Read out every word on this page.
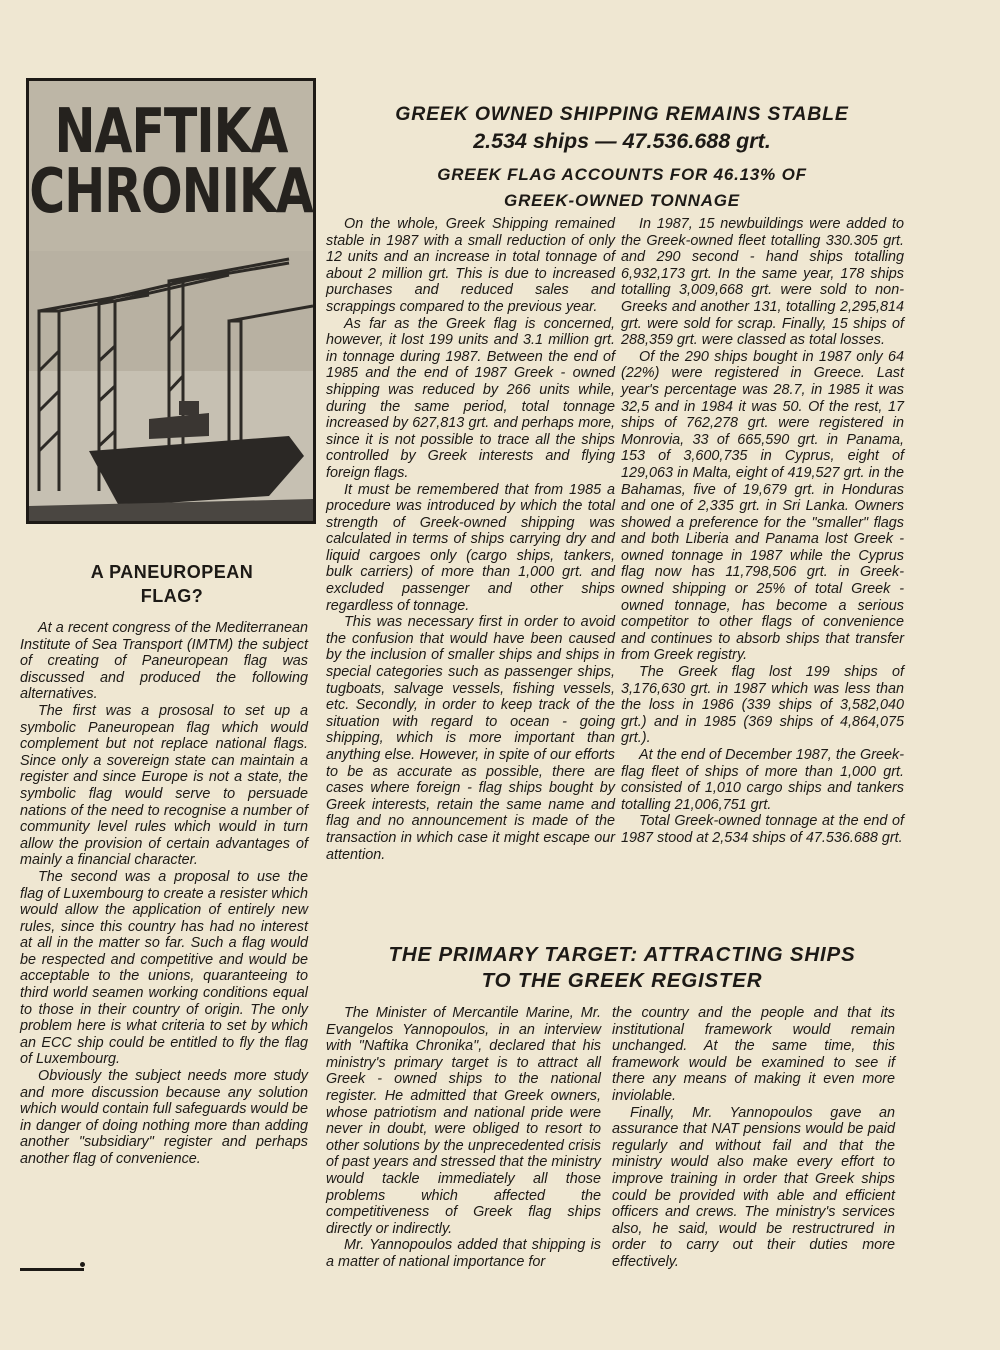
NAFTIKA
CHRONIKA
A PANEUROPEAN
FLAG?

At a recent congress of the Mediterranean Institute of Sea Transport (IMTM) the subject of creating of Paneuropean flag was discussed and produced the following alternatives.

The first was a prososal to set up a symbolic Paneuropean flag which would complement but not replace national flags. Since only a sovereign state can maintain a register and since Europe is not a state, the symbolic flag would serve to persuade nations of the need to recognise a number of community level rules which would in turn allow the provision of certain advantages of mainly a financial character.

The second was a proposal to use the flag of Luxembourg to create a resister which would allow the application of entirely new rules, since this country has had no interest at all in the matter so far. Such a flag would be respected and competitive and would be acceptable to the unions, quaranteeing to third world seamen working conditions equal to those in their country of origin. The only problem here is what criteria to set by which an ECC ship could be entitled to fly the flag of Luxembourg.

Obviously the subject needs more study and more discussion because any solution which would contain full safeguards would be in danger of doing nothing more than adding another "subsidiary" register and perhaps another flag of convenience.

GREEK OWNED SHIPPING REMAINS STABLE
2.534 ships — 47.536.688 grt.
GREEK FLAG ACCOUNTS FOR 46.13% OF
GREEK-OWNED TONNAGE

On the whole, Greek Shipping remained stable in 1987 with a small reduction of only 12 units and an increase in total tonnage of about 2 million grt. This is due to increased purchases and reduced sales and scrappings compared to the previous year.

As far as the Greek flag is concerned, however, it lost 199 units and 3.1 million grt. in tonnage during 1987. Between the end of 1985 and the end of 1987 Greek - owned shipping was reduced by 266 units while, during the same period, total tonnage increased by 627,813 grt. and perhaps more, since it is not possible to trace all the ships controlled by Greek interests and flying foreign flags.

It must be remembered that from 1985 a procedure was introduced by which the total strength of Greek-owned shipping was calculated in terms of ships carrying dry and liquid cargoes only (cargo ships, tankers, bulk carriers) of more than 1,000 grt. and excluded passenger and other ships regardless of tonnage.

This was necessary first in order to avoid the confusion that would have been caused by the inclusion of smaller ships and ships in special categories such as passenger ships, tugboats, salvage vessels, fishing vessels, etc. Secondly, in order to keep track of the situation with regard to ocean - going shipping, which is more important than anything else. However, in spite of our efforts to be as accurate as possible, there are cases where foreign - flag ships bought by Greek interests, retain the same name and flag and no announcement is made of the transaction in which case it might escape our attention.

In 1987, 15 newbuildings were added to the Greek-owned fleet totalling 330.305 grt. and 290 second - hand ships totalling 6,932,173 grt. In the same year, 178 ships totalling 3,009,668 grt. were sold to non-Greeks and another 131, totalling 2,295,814 grt. were sold for scrap. Finally, 15 ships of 288,359 grt. were classed as total losses.

Of the 290 ships bought in 1987 only 64 (22%) were registered in Greece. Last year's percentage was 28.7, in 1985 it was 32,5 and in 1984 it was 50. Of the rest, 17 ships of 762,278 grt. were registered in Monrovia, 33 of 665,590 grt. in Panama, 153 of 3,600,735 in Cyprus, eight of 129,063 in Malta, eight of 419,527 grt. in the Bahamas, five of 19,679 grt. in Honduras and one of 2,335 grt. in Sri Lanka. Owners showed a preference for the "smaller" flags and both Liberia and Panama lost Greek - owned tonnage in 1987 while the Cyprus flag now has 11,798,506 grt. in Greek-owned shipping or 25% of total Greek - owned tonnage, has become a serious competitor to other flags of convenience and continues to absorb ships that transfer from Greek registry.

The Greek flag lost 199 ships of 3,176,630 grt. in 1987 which was less than the loss in 1986 (339 ships of 3,582,040 grt.) and in 1985 (369 ships of 4,864,075 grt.).

At the end of December 1987, the Greek-flag fleet of ships of more than 1,000 grt. consisted of 1,010 cargo ships and tankers totalling 21,006,751 grt.

Total Greek-owned tonnage at the end of 1987 stood at 2,534 ships of 47.536.688 grt.

THE PRIMARY TARGET: ATTRACTING SHIPS
TO THE GREEK REGISTER

The Minister of Mercantile Marine, Mr. Evangelos Yannopoulos, in an interview with "Naftika Chronika", declared that his ministry's primary target is to attract all Greek - owned ships to the national register. He admitted that Greek owners, whose patriotism and national pride were never in doubt, were obliged to resort to other solutions by the unprecedented crisis of past years and stressed that the ministry would tackle immediately all those problems which affected the competitiveness of Greek flag ships directly or indirectly.

Mr. Yannopoulos added that shipping is a matter of national importance for

the country and the people and that its institutional framework would remain unchanged. At the same time, this framework would be examined to see if there any means of making it even more inviolable.

Finally, Mr. Yannopoulos gave an assurance that NAT pensions would be paid regularly and without fail and that the ministry would also make every effort to improve training in order that Greek ships could be provided with able and efficient officers and crews. The ministry's services also, he said, would be restructrured in order to carry out their duties more effectively.
